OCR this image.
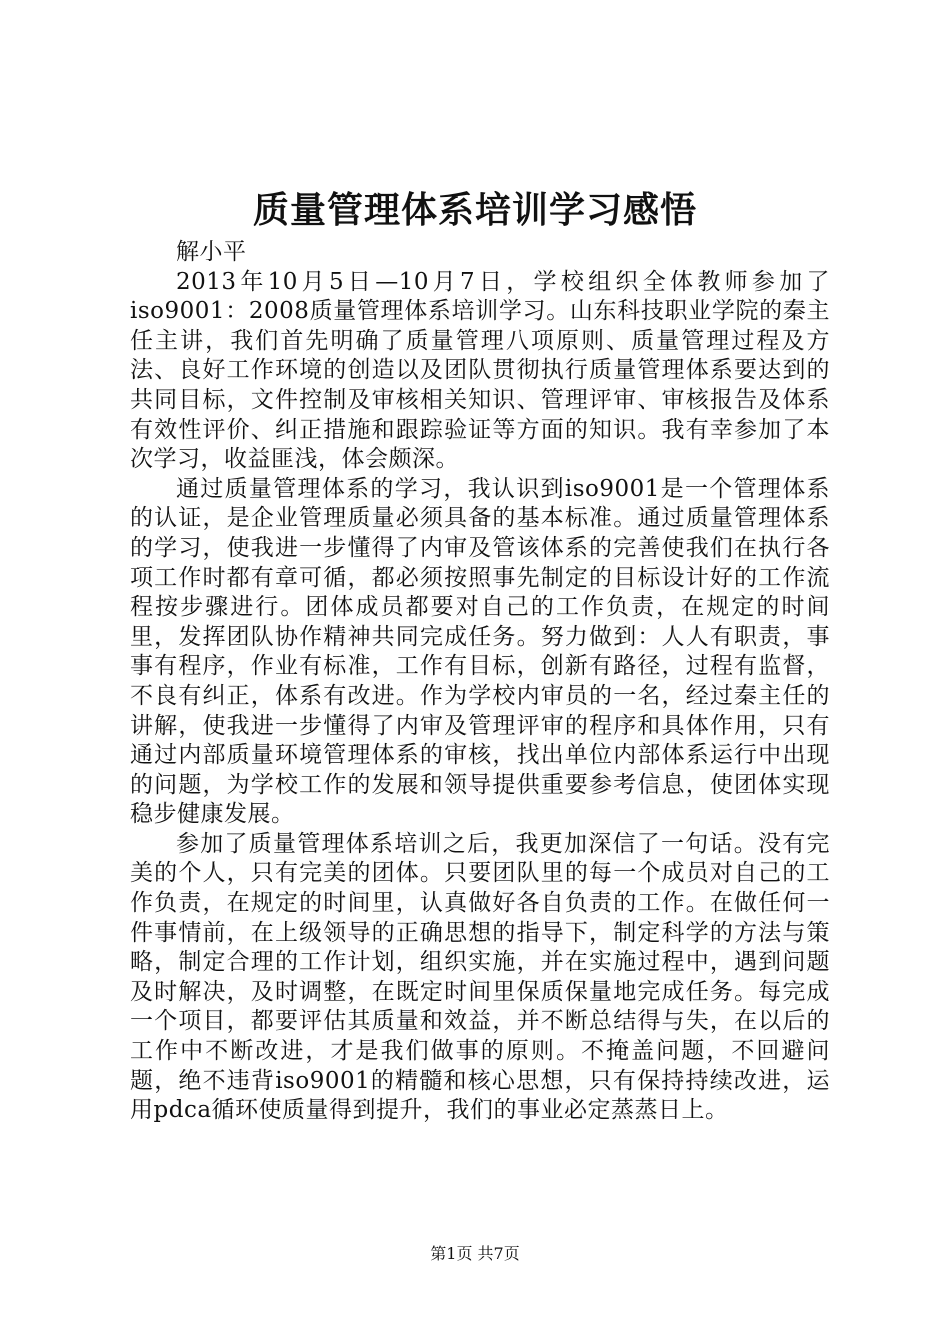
质量管理体系培训学习感悟

解小平

2013年10月5日—10月7日，学校组织全体教师参加了iso9001：2008质量管理体系培训学习。山东科技职业学院的秦主任主讲，我们首先明确了质量管理八项原则、质量管理过程及方法、良好工作环境的创造以及团队贯彻执行质量管理体系要达到的共同目标，文件控制及审核相关知识、管理评审、审核报告及体系有效性评价、纠正措施和跟踪验证等方面的知识。我有幸参加了本次学习，收益匪浅，体会颇深。

通过质量管理体系的学习，我认识到iso9001是一个管理体系的认证，是企业管理质量必须具备的基本标准。通过质量管理体系的学习，使我进一步懂得了内审及管该体系的完善使我们在执行各项工作时都有章可循，都必须按照事先制定的目标设计好的工作流程按步骤进行。团体成员都要对自己的工作负责，在规定的时间里，发挥团队协作精神共同完成任务。努力做到：人人有职责，事事有程序，作业有标准，工作有目标，创新有路径，过程有监督，不良有纠正，体系有改进。作为学校内审员的一名，经过秦主任的讲解，使我进一步懂得了内审及管理评审的程序和具体作用，只有通过内部质量环境管理体系的审核，找出单位内部体系运行中出现的问题，为学校工作的发展和领导提供重要参考信息，使团体实现稳步健康发展。

参加了质量管理体系培训之后，我更加深信了一句话。没有完美的个人，只有完美的团体。只要团队里的每一个成员对自己的工作负责，在规定的时间里，认真做好各自负责的工作。在做任何一件事情前，在上级领导的正确思想的指导下，制定科学的方法与策略，制定合理的工作计划，组织实施，并在实施过程中，遇到问题及时解决，及时调整，在既定时间里保质保量地完成任务。每完成一个项目，都要评估其质量和效益，并不断总结得与失，在以后的工作中不断改进，才是我们做事的原则。不掩盖问题，不回避问题，绝不违背iso9001的精髓和核心思想，只有保持持续改进，运用pdca循环使质量得到提升，我们的事业必定蒸蒸日上。

第1页 共7页
